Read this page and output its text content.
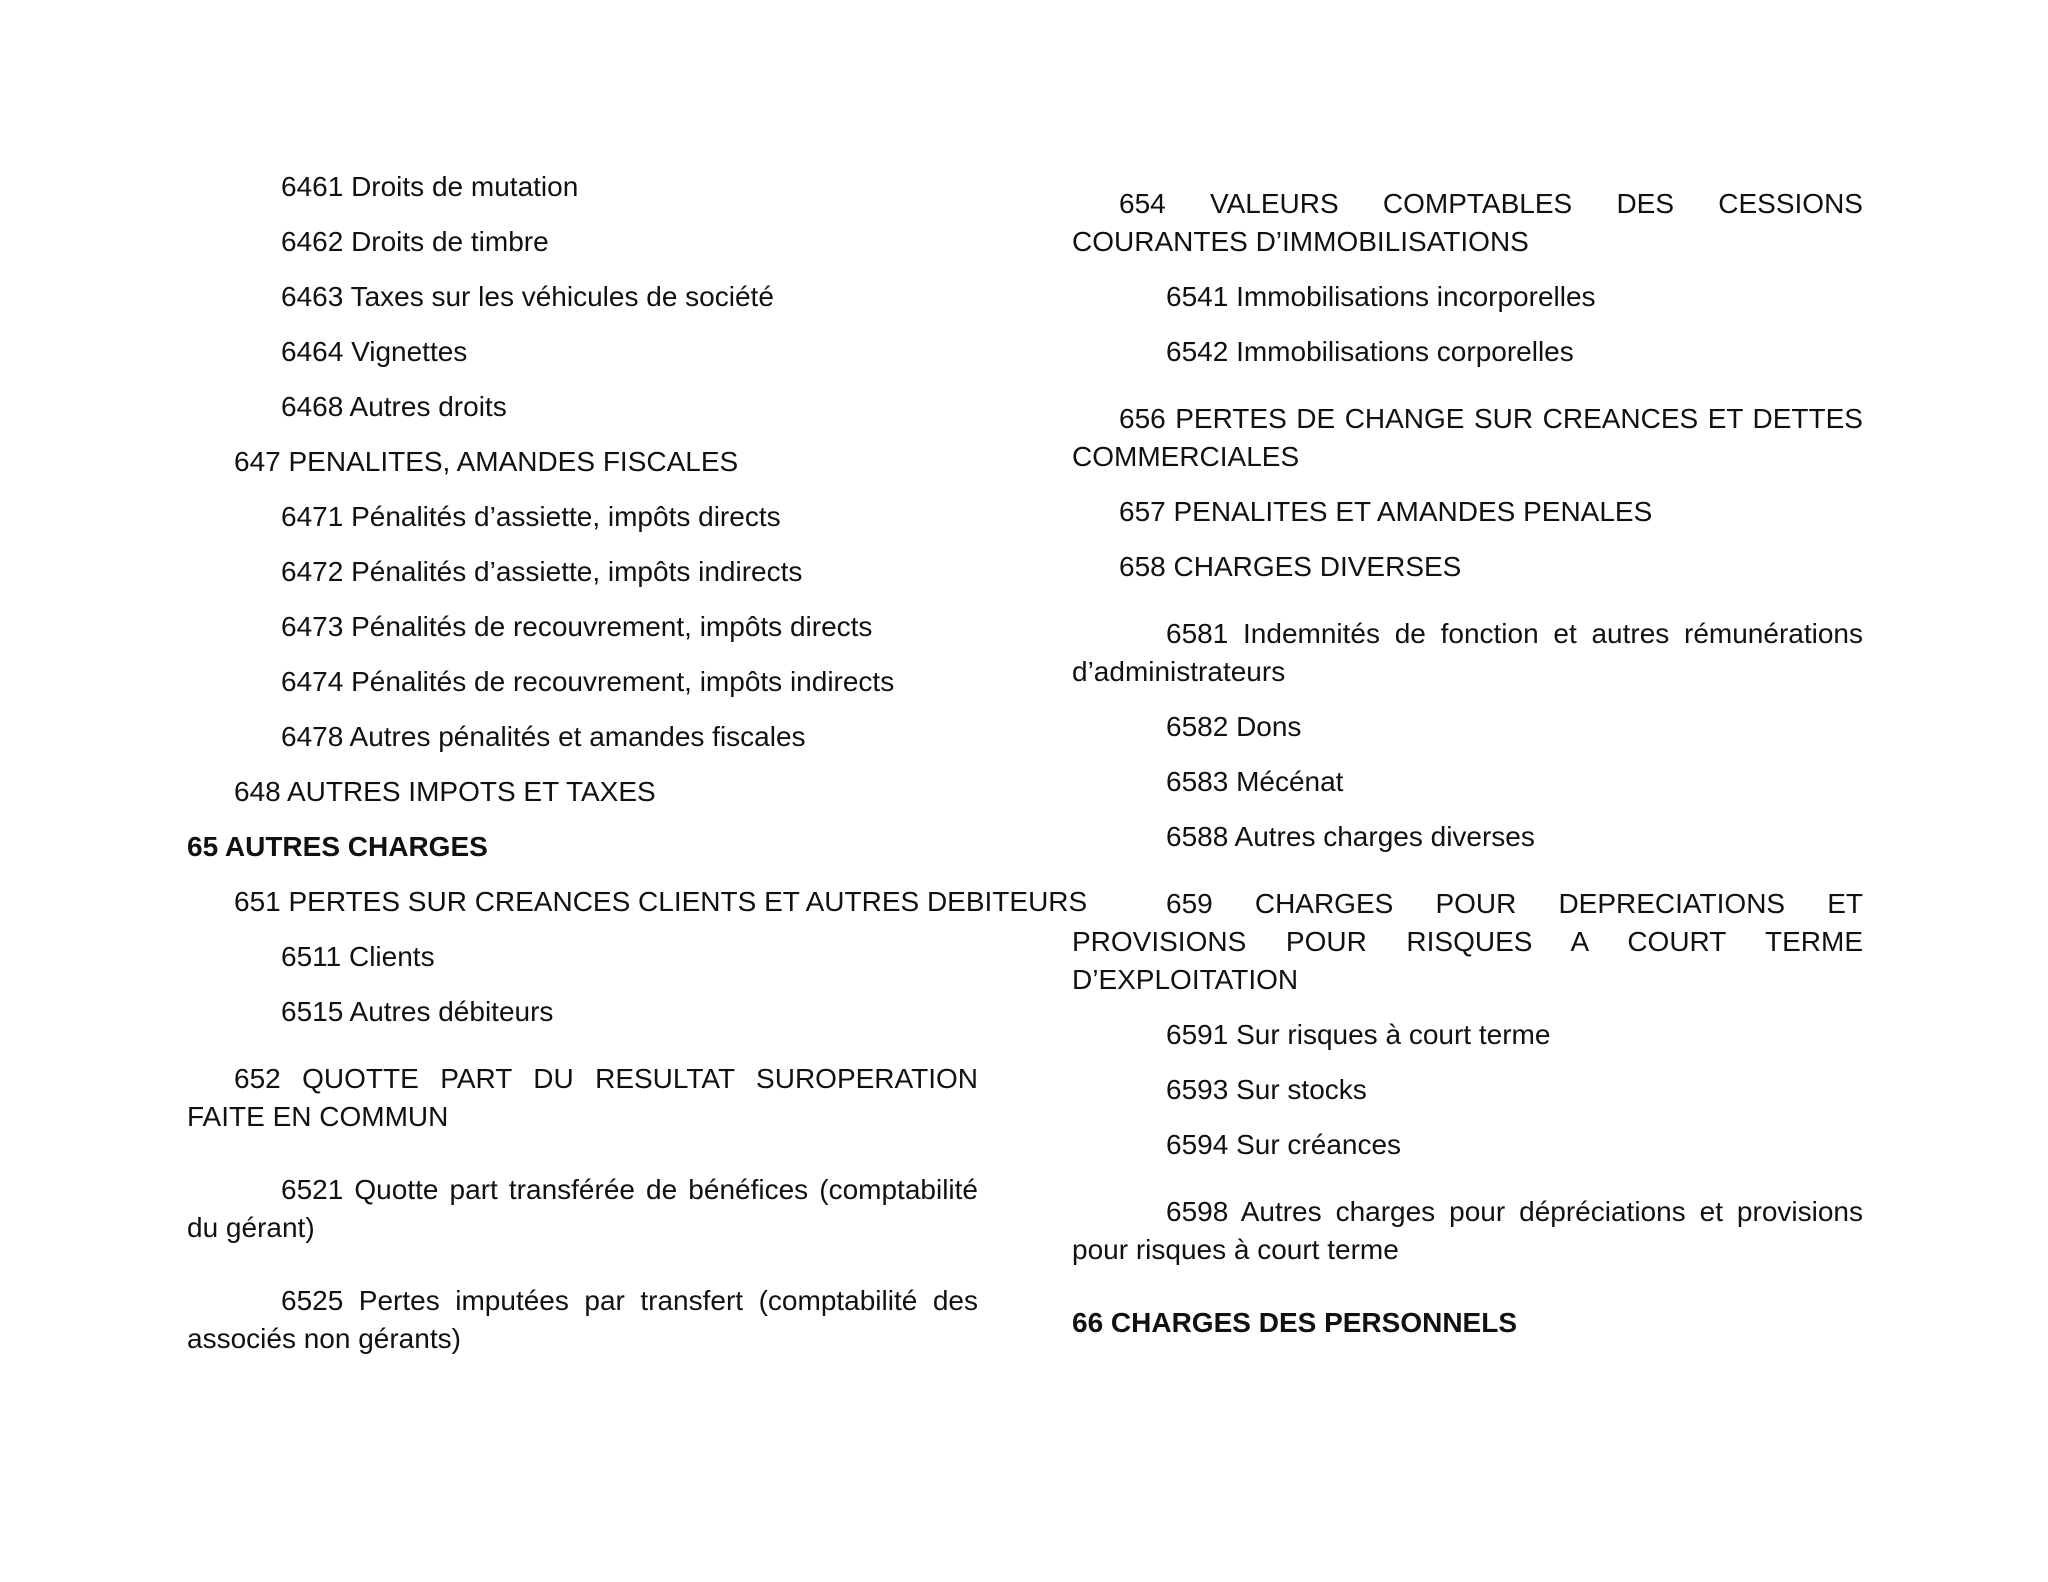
6461 Droits de mutation

6462 Droits de timbre

6463 Taxes sur les véhicules de société

6464 Vignettes

6468 Autres droits

647 PENALITES, AMANDES FISCALES

6471 Pénalités d’assiette, impôts directs

6472 Pénalités d’assiette, impôts indirects

6473 Pénalités de recouvrement, impôts directs

6474 Pénalités de recouvrement, impôts indirects

6478 Autres pénalités et amandes fiscales

648 AUTRES IMPOTS ET TAXES

65 AUTRES CHARGES

651 PERTES SUR CREANCES CLIENTS ET AUTRES DEBITEURS

6511 Clients

6515 Autres débiteurs

652 QUOTTE PART DU RESULTAT SUROPERATION FAITE EN COMMUN

6521 Quotte part transférée de bénéfices (comptabilité du gérant)

6525 Pertes imputées par transfert (comptabilité des associés non gérants)

654 VALEURS COMPTABLES DES CESSIONS COURANTES D’IMMOBILISATIONS

6541 Immobilisations incorporelles

6542 Immobilisations corporelles

656 PERTES DE CHANGE SUR CREANCES ET DETTES COMMERCIALES

657 PENALITES ET AMANDES PENALES

658 CHARGES DIVERSES

6581 Indemnités de fonction et autres rémunérations d’administrateurs

6582 Dons

6583 Mécénat

6588 Autres charges diverses

659 CHARGES POUR DEPRECIATIONS ET PROVISIONS POUR RISQUES A COURT TERME D’EXPLOITATION

6591 Sur risques à court terme

6593 Sur stocks

6594 Sur créances

6598 Autres charges pour dépréciations et provisions pour risques à court terme

66 CHARGES DES PERSONNELS
